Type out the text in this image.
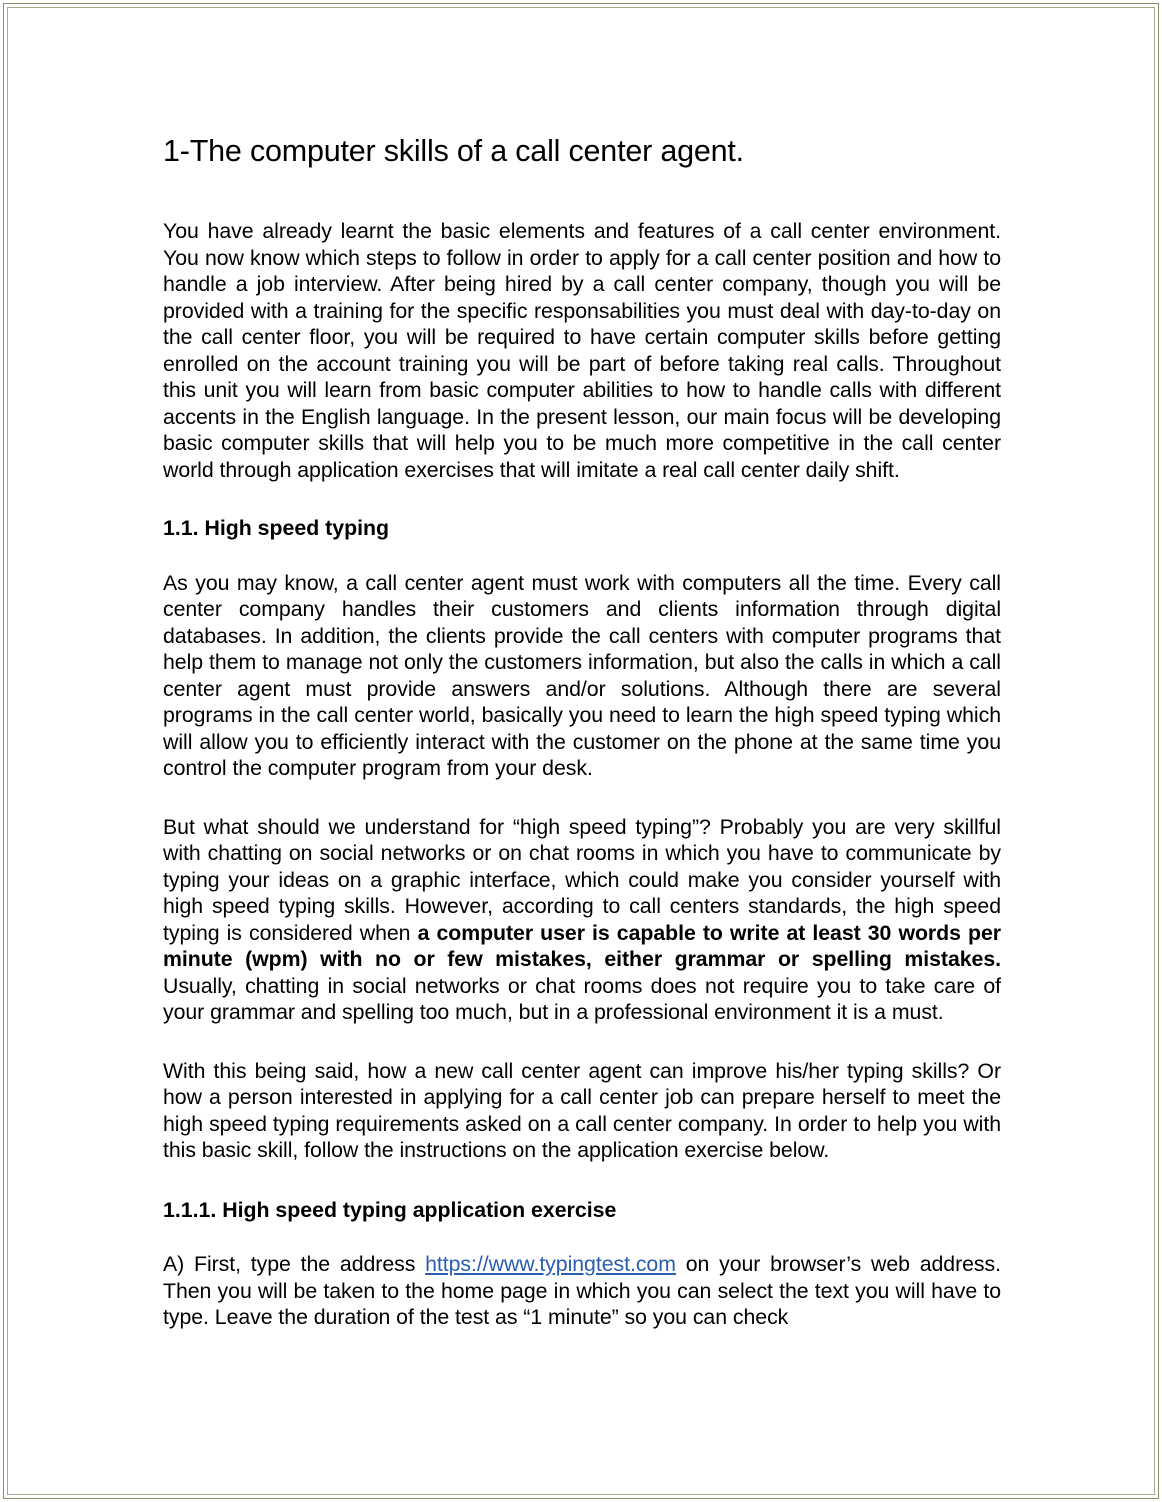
1-The computer skills of a call center agent.

You have already learnt the basic elements and features of a call center environment. You now know which steps to follow in order to apply for a call center position and how to handle a job interview. After being hired by a call center company, though you will be provided with a training for the specific responsabilities you must deal with day-to-day on the call center floor, you will be required to have certain computer skills before getting enrolled on the account training you will be part of before taking real calls. Throughout this unit you will learn from basic computer abilities to how to handle calls with different accents in the English language. In the present lesson, our main focus will be developing basic computer skills that will help you to be much more competitive in the call center world through application exercises that will imitate a real call center daily shift.

1.1. High speed typing

As you may know, a call center agent must work with computers all the time. Every call center company handles their customers and clients information through digital databases. In addition, the clients provide the call centers with computer programs that help them to manage not only the customers information, but also the calls in which a call center agent must provide answers and/or solutions. Although there are several programs in the call center world, basically you need to learn the high speed typing which will allow you to efficiently interact with the customer on the phone at the same time you control the computer program from your desk.

But what should we understand for “high speed typing”? Probably you are very skillful with chatting on social networks or on chat rooms in which you have to communicate by typing your ideas on a graphic interface, which could make you consider yourself with high speed typing skills. However, according to call centers standards, the high speed typing is considered when a computer user is capable to write at least 30 words per minute (wpm) with no or few mistakes, either grammar or spelling mistakes. Usually, chatting in social networks or chat rooms does not require you to take care of your grammar and spelling too much, but in a professional environment it is a must.

With this being said, how a new call center agent can improve his/her typing skills? Or how a person interested in applying for a call center job can prepare herself to meet the high speed typing requirements asked on a call center company. In order to help you with this basic skill, follow the instructions on the application exercise below.

1.1.1. High speed typing application exercise

A) First, type the address https://www.typingtest.com on your browser’s web address. Then you will be taken to the home page in which you can select the text you will have to type. Leave the duration of the test as “1 minute” so you can check
